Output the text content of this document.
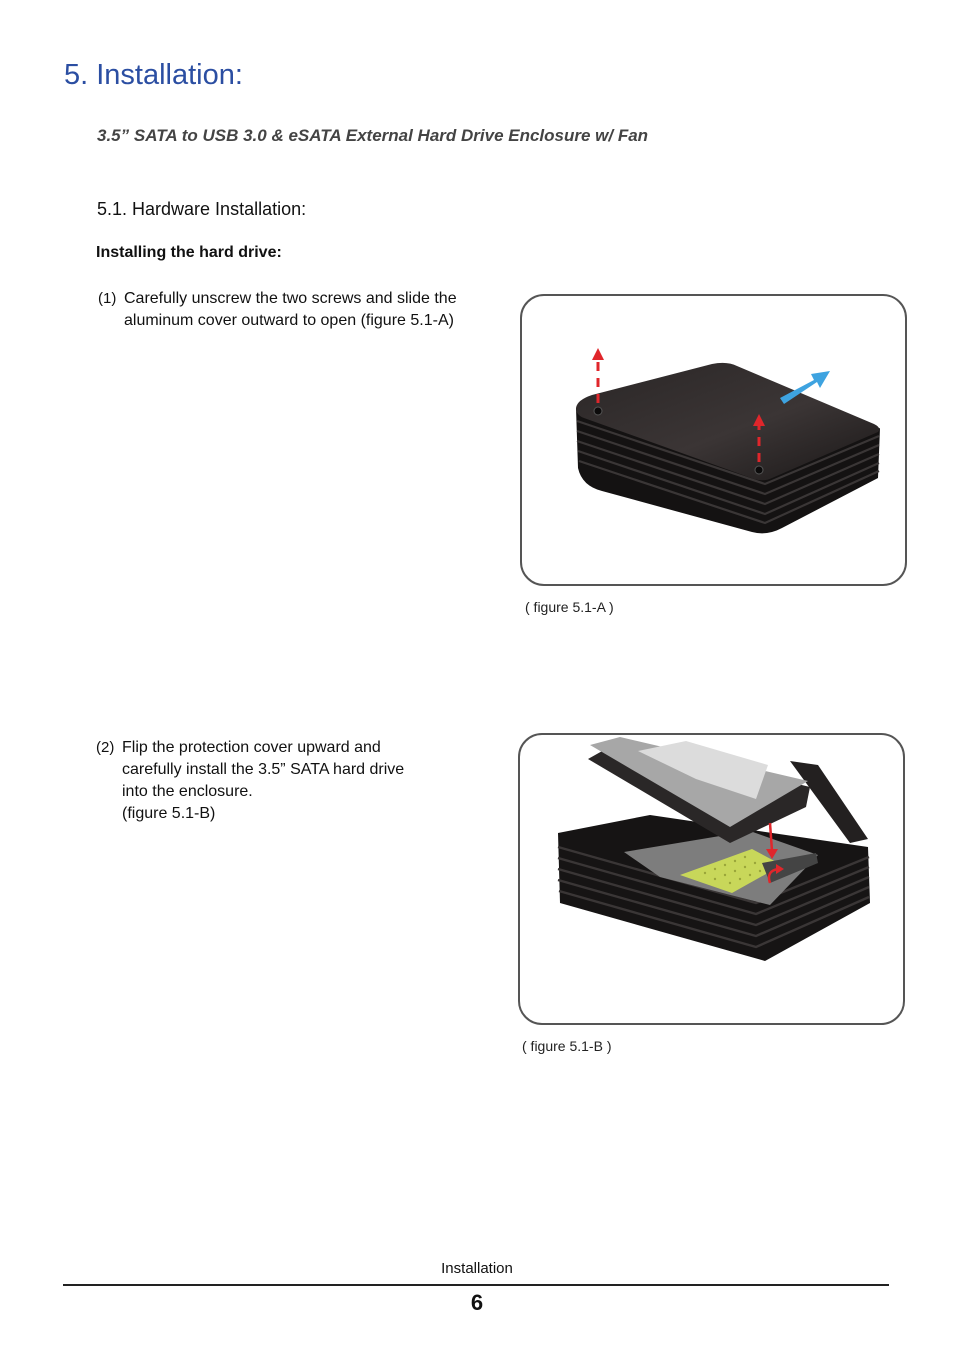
5. Installation:
3.5” SATA to USB 3.0 & eSATA External Hard Drive Enclosure w/ Fan
5.1. Hardware Installation:
Installing the hard drive:
(1) Carefully unscrew the two screws and slide the aluminum cover outward to open (figure 5.1-A)
( figure 5.1-A )
(2) Flip the protection cover upward and
carefully install the 3.5” SATA hard drive
into the enclosure.
(figure 5.1-B)
( figure 5.1-B )
Installation
6
